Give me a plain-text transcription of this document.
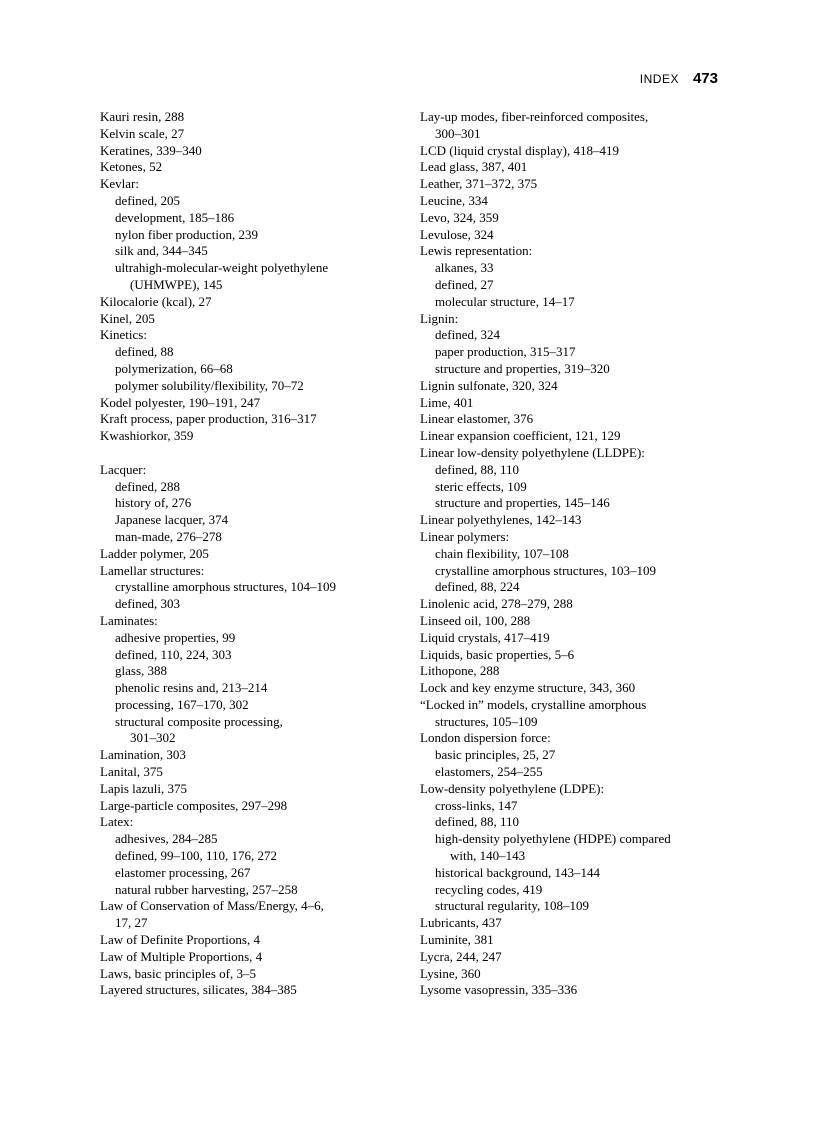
INDEX 473
Kauri resin, 288
Kelvin scale, 27
Keratines, 339–340
Ketones, 52
Kevlar:
defined, 205
development, 185–186
nylon fiber production, 239
silk and, 344–345
ultrahigh-molecular-weight polyethylene
(UHMWPE), 145
Kilocalorie (kcal), 27
Kinel, 205
Kinetics:
defined, 88
polymerization, 66–68
polymer solubility/flexibility, 70–72
Kodel polyester, 190–191, 247
Kraft process, paper production, 316–317
Kwashiorkor, 359
Lacquer:
defined, 288
history of, 276
Japanese lacquer, 374
man-made, 276–278
Ladder polymer, 205
Lamellar structures:
crystalline amorphous structures, 104–109
defined, 303
Laminates:
adhesive properties, 99
defined, 110, 224, 303
glass, 388
phenolic resins and, 213–214
processing, 167–170, 302
structural composite processing,
301–302
Lamination, 303
Lanital, 375
Lapis lazuli, 375
Large-particle composites, 297–298
Latex:
adhesives, 284–285
defined, 99–100, 110, 176, 272
elastomer processing, 267
natural rubber harvesting, 257–258
Law of Conservation of Mass/Energy, 4–6,
17, 27
Law of Definite Proportions, 4
Law of Multiple Proportions, 4
Laws, basic principles of, 3–5
Layered structures, silicates, 384–385
Lay-up modes, fiber-reinforced composites,
300–301
LCD (liquid crystal display), 418–419
Lead glass, 387, 401
Leather, 371–372, 375
Leucine, 334
Levo, 324, 359
Levulose, 324
Lewis representation:
alkanes, 33
defined, 27
molecular structure, 14–17
Lignin:
defined, 324
paper production, 315–317
structure and properties, 319–320
Lignin sulfonate, 320, 324
Lime, 401
Linear elastomer, 376
Linear expansion coefficient, 121, 129
Linear low-density polyethylene (LLDPE):
defined, 88, 110
steric effects, 109
structure and properties, 145–146
Linear polyethylenes, 142–143
Linear polymers:
chain flexibility, 107–108
crystalline amorphous structures, 103–109
defined, 88, 224
Linolenic acid, 278–279, 288
Linseed oil, 100, 288
Liquid crystals, 417–419
Liquids, basic properties, 5–6
Lithopone, 288
Lock and key enzyme structure, 343, 360
“Locked in” models, crystalline amorphous
structures, 105–109
London dispersion force:
basic principles, 25, 27
elastomers, 254–255
Low-density polyethylene (LDPE):
cross-links, 147
defined, 88, 110
high-density polyethylene (HDPE) compared
with, 140–143
historical background, 143–144
recycling codes, 419
structural regularity, 108–109
Lubricants, 437
Luminite, 381
Lycra, 244, 247
Lysine, 360
Lysome vasopressin, 335–336
